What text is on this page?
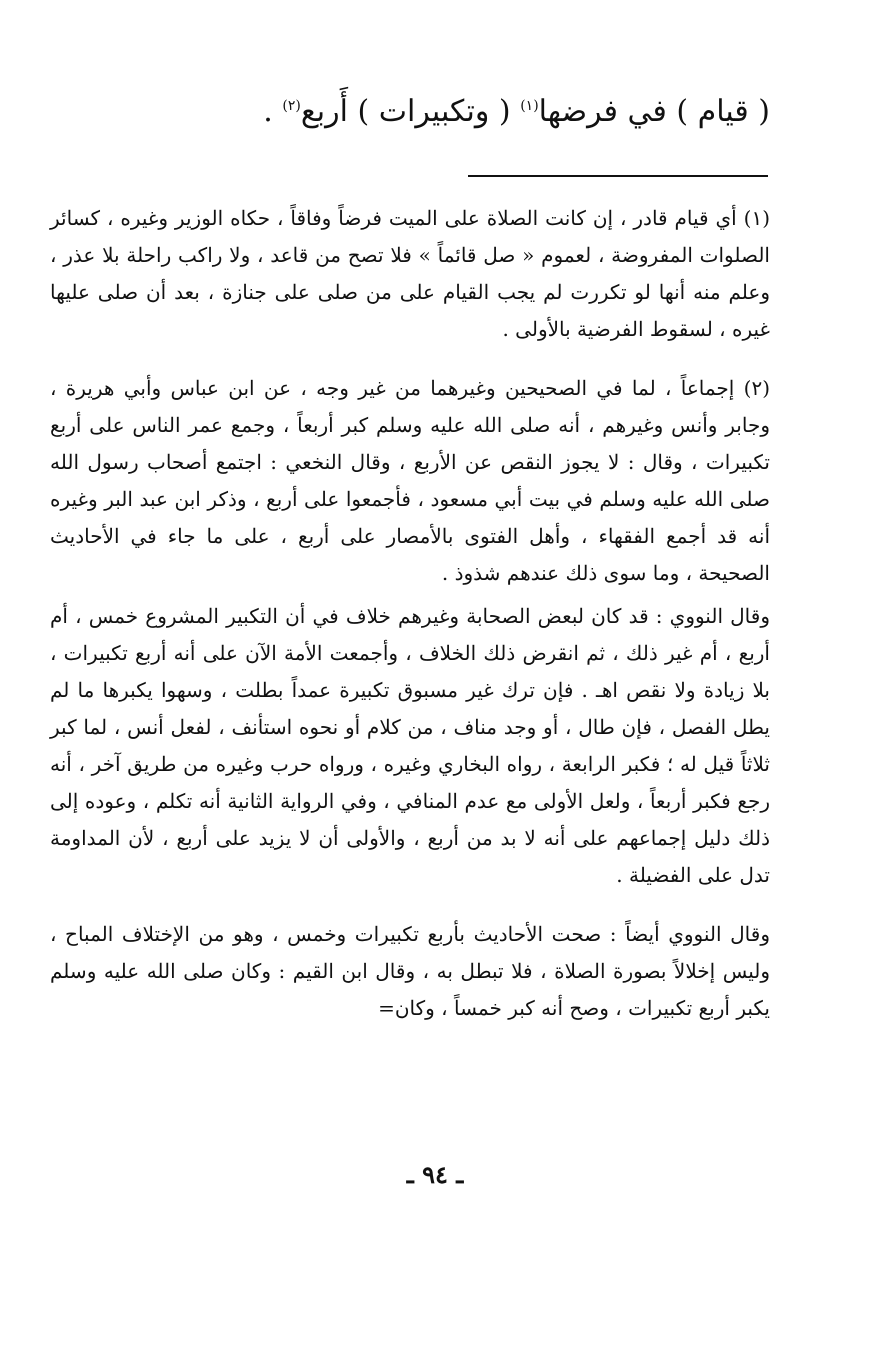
( قيام ) في فرضها$^{(١)}$ ( وتكبيرات ) أَربع$^{(٢)}$ .

(١) أي قيام قادر ، إن كانت الصلاة على الميت فرضاً وفاقاً ، حكاه الوزير وغيره ، كسائر الصلوات المفروضة ، لعموم « صل قائماً » فلا تصح من قاعد ، ولا راكب راحلة بلا عذر ، وعلم منه أنها لو تكررت لم يجب القيام على من صلى على جنازة ، بعد أن صلى عليها غيره ، لسقوط الفرضية بالأولى .

(٢) إجماعاً ، لما في الصحيحين وغيرهما من غير وجه ، عن ابن عباس وأبي هريرة ، وجابر وأنس وغيرهم ، أنه صلى الله عليه وسلم كبر أربعاً ، وجمع عمر الناس على أربع تكبيرات ، وقال : لا يجوز النقص عن الأربع ، وقال النخعي : اجتمع أصحاب رسول الله صلى الله عليه وسلم في بيت أبي مسعود ، فأجمعوا على أربع ، وذكر ابن عبد البر وغيره أنه قد أجمع الفقهاء ، وأهل الفتوى بالأمصار على أربع ، على ما جاء في الأحاديث الصحيحة ، وما سوى ذلك عندهم شذوذ .

وقال النووي : قد كان لبعض الصحابة وغيرهم خلاف في أن التكبير المشروع خمس ، أم أربع ، أم غير ذلك ، ثم انقرض ذلك الخلاف ، وأجمعت الأمة الآن على أنه أربع تكبيرات ، بلا زيادة ولا نقص اهـ . فإن ترك غير مسبوق تكبيرة عمداً بطلت ، وسهوا يكبرها ما لم يطل الفصل ، فإن طال ، أو وجد مناف ، من كلام أو نحوه استأنف ، لفعل أنس ، لما كبر ثلاثاً قيل له ؛ فكبر الرابعة ، رواه البخاري وغيره ، ورواه حرب وغيره من طريق آخر ، أنه رجع فكبر أربعاً ، ولعل الأولى مع عدم المنافي ، وفي الرواية الثانية أنه تكلم ، وعوده إلى ذلك دليل إجماعهم على أنه لا بد من أربع ، والأولى أن لا يزيد على أربع ، لأن المداومة تدل على الفضيلة .

وقال النووي أيضاً : صحت الأحاديث بأربع تكبيرات وخمس ، وهو من الإختلاف المباح ، وليس إخلالاً بصورة الصلاة ، فلا تبطل به ، وقال ابن القيم : وكان صلى الله عليه وسلم يكبر أربع تكبيرات ، وصح أنه كبر خمساً ، وكان=

ـ ٩٤ ـ
